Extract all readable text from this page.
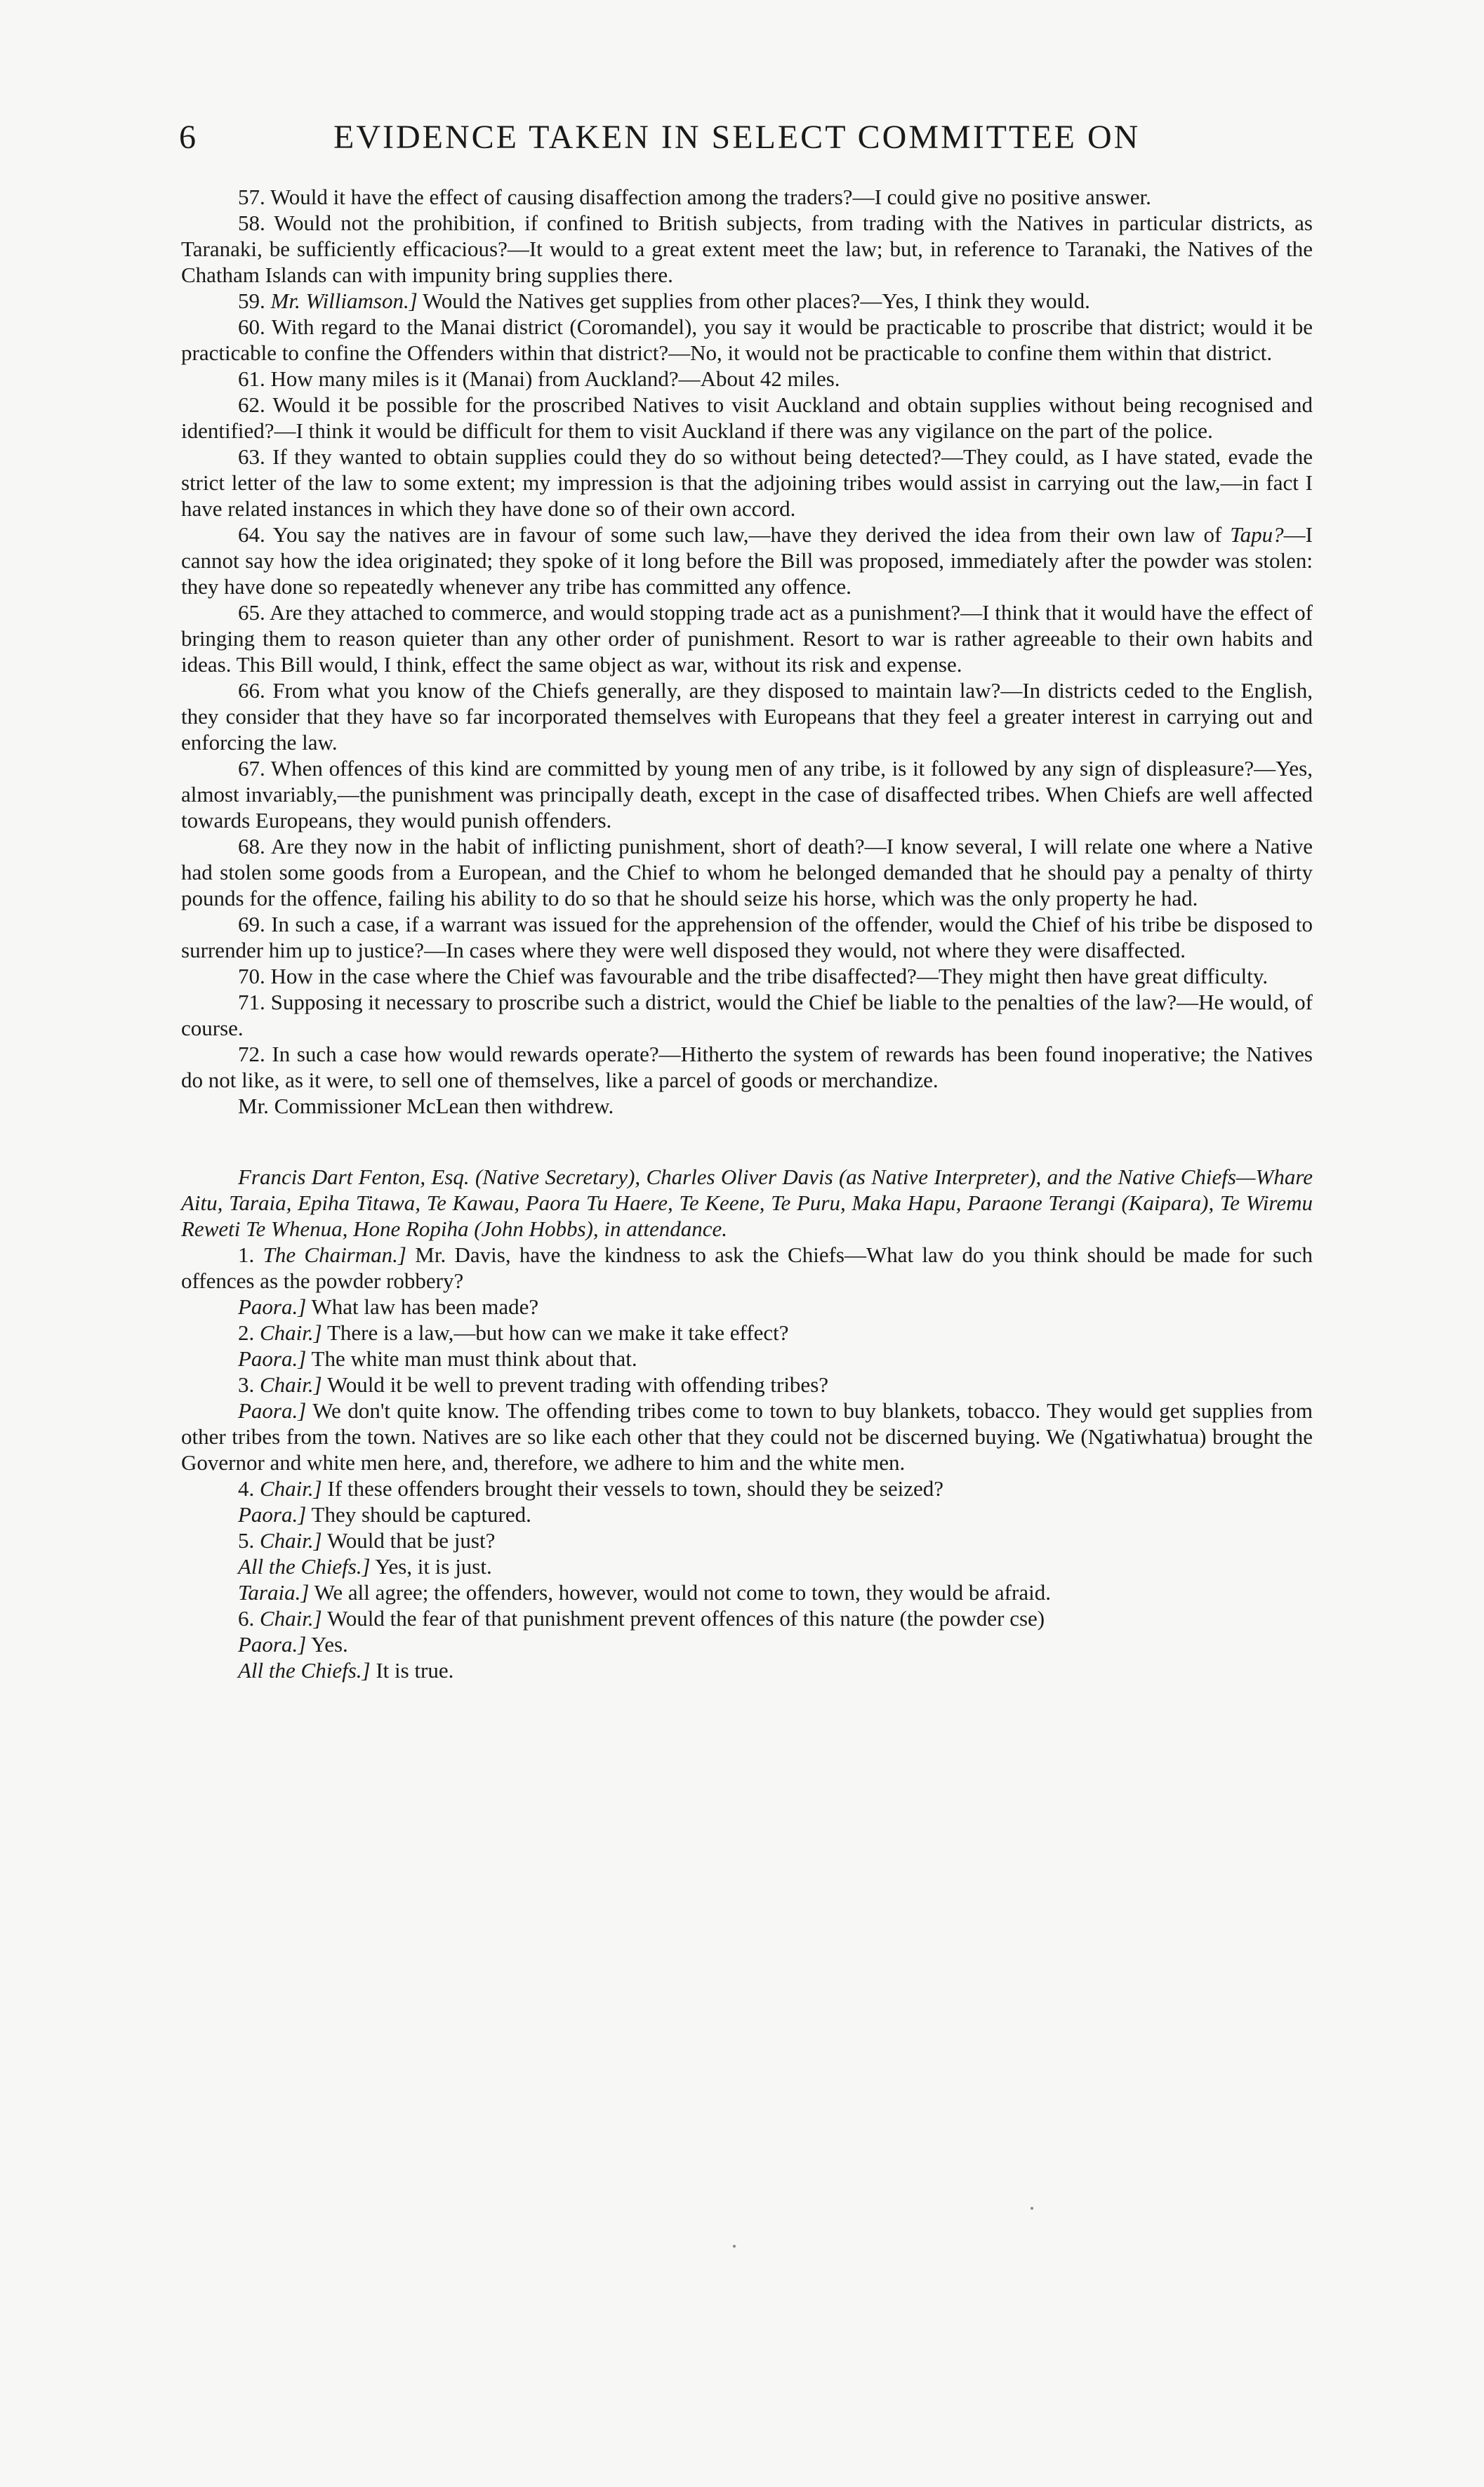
6	EVIDENCE TAKEN IN SELECT COMMITTEE ON

57. Would it have the effect of causing disaffection among the traders?—I could give no positive answer.

58. Would not the prohibition, if confined to British subjects, from trading with the Natives in particular districts, as Taranaki, be sufficiently efficacious?—It would to a great extent meet the law; but, in reference to Taranaki, the Natives of the Chatham Islands can with impunity bring supplies there.

59. Mr. Williamson.] Would the Natives get supplies from other places?—Yes, I think they would.

60. With regard to the Manai district (Coromandel), you say it would be practicable to proscribe that district; would it be practicable to confine the Offenders within that district?—No, it would not be practicable to confine them within that district.

61. How many miles is it (Manai) from Auckland?—About 42 miles.

62. Would it be possible for the proscribed Natives to visit Auckland and obtain supplies without being recognised and identified?—I think it would be difficult for them to visit Auckland if there was any vigilance on the part of the police.

63. If they wanted to obtain supplies could they do so without being detected?—They could, as I have stated, evade the strict letter of the law to some extent; my impression is that the adjoining tribes would assist in carrying out the law,—in fact I have related instances in which they have done so of their own accord.

64. You say the natives are in favour of some such law,—have they derived the idea from their own law of Tapu?—I cannot say how the idea originated; they spoke of it long before the Bill was proposed, immediately after the powder was stolen: they have done so repeatedly whenever any tribe has committed any offence.

65. Are they attached to commerce, and would stopping trade act as a punishment?—I think that it would have the effect of bringing them to reason quieter than any other order of punishment. Resort to war is rather agreeable to their own habits and ideas. This Bill would, I think, effect the same object as war, without its risk and expense.

66. From what you know of the Chiefs generally, are they disposed to maintain law?—In districts ceded to the English, they consider that they have so far incorporated themselves with Europeans that they feel a greater interest in carrying out and enforcing the law.

67. When offences of this kind are committed by young men of any tribe, is it followed by any sign of displeasure?—Yes, almost invariably,—the punishment was principally death, except in the case of disaffected tribes. When Chiefs are well affected towards Europeans, they would punish offenders.

68. Are they now in the habit of inflicting punishment, short of death?—I know several, I will relate one where a Native had stolen some goods from a European, and the Chief to whom he belonged demanded that he should pay a penalty of thirty pounds for the offence, failing his ability to do so that he should seize his horse, which was the only property he had.

69. In such a case, if a warrant was issued for the apprehension of the offender, would the Chief of his tribe be disposed to surrender him up to justice?—In cases where they were well disposed they would, not where they were disaffected.

70. How in the case where the Chief was favourable and the tribe disaffected?—They might then have great difficulty.

71. Supposing it necessary to proscribe such a district, would the Chief be liable to the penalties of the law?—He would, of course.

72. In such a case how would rewards operate?—Hitherto the system of rewards has been found inoperative; the Natives do not like, as it were, to sell one of themselves, like a parcel of goods or merchandize.

Mr. Commissioner McLean then withdrew.

Francis Dart Fenton, Esq. (Native Secretary), Charles Oliver Davis (as Native Interpreter), and the Native Chiefs—Whare Aitu, Taraia, Epiha Titawa, Te Kawau, Paora Tu Haere, Te Keene, Te Puru, Maka Hapu, Paraone Terangi (Kaipara), Te Wiremu Reweti Te Whenua, Hone Ropiha (John Hobbs), in attendance.

1. The Chairman.] Mr. Davis, have the kindness to ask the Chiefs—What law do you think should be made for such offences as the powder robbery?

Paora.] What law has been made?

2. Chair.] There is a law,—but how can we make it take effect?

Paora.] The white man must think about that.

3. Chair.] Would it be well to prevent trading with offending tribes?

Paora.] We don't quite know. The offending tribes come to town to buy blankets, tobacco. They would get supplies from other tribes from the town. Natives are so like each other that they could not be discerned buying. We (Ngatiwhatua) brought the Governor and white men here, and, therefore, we adhere to him and the white men.

4. Chair.] If these offenders brought their vessels to town, should they be seized?

Paora.] They should be captured.

5. Chair.] Would that be just?

All the Chiefs.] Yes, it is just.

Taraia.] We all agree; the offenders, however, would not come to town, they would be afraid.

6. Chair.] Would the fear of that punishment prevent offences of this nature (the powder cse)

Paora.] Yes.

All the Chiefs.] It is true.
